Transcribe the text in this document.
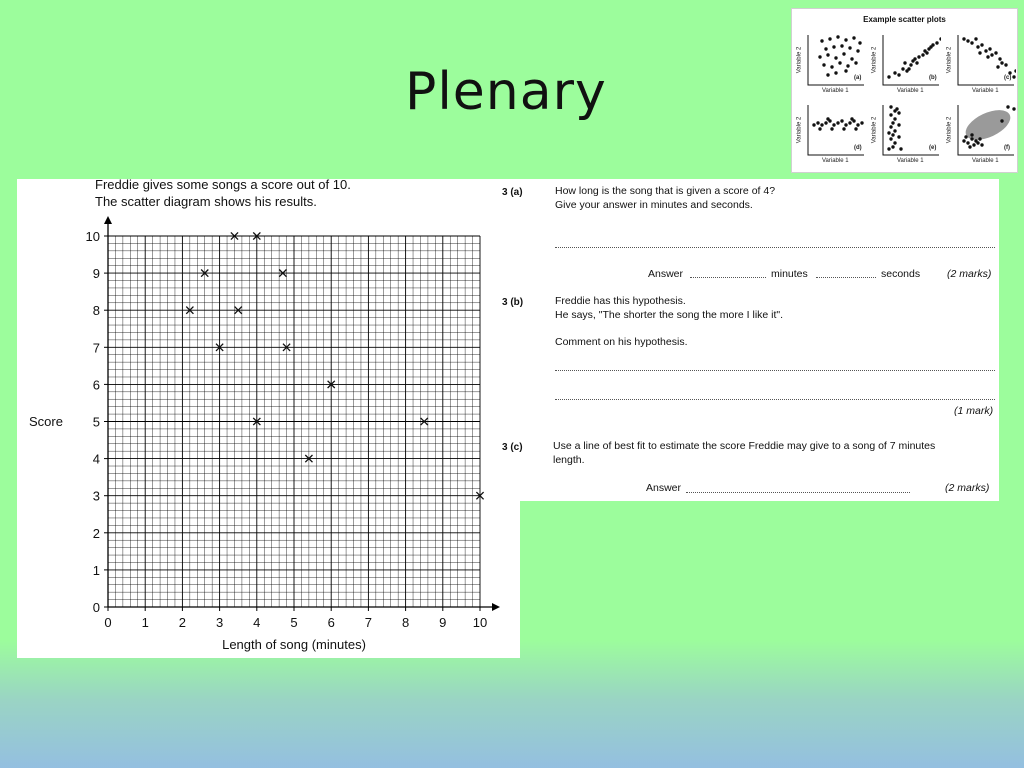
Plenary
Example scatter plots
(a)
Variable 1
Variable 2
(b)
Variable 1
Variable 2
(c)
Variable 1
Variable 2
(d)
Variable 1
Variable 2
(e)
Variable 1
Variable 2
(f)
Variable 1
Variable 2
Freddie gives some songs a score out of 10.
The scatter diagram shows his results.
0 1 2 3 4 5 6 7 8 9 10
0
1
2
3
4
5
6
7
8
9
10
Length of song (minutes)
Score
3 (a)	How long is the song that is given a score of 4?
Give your answer in minutes and seconds.
Answer	minutes	seconds	(2 marks)
3 (b)	Freddie has this hypothesis.
He says, "The shorter the song the more I like it".
Comment on his hypothesis.
(1 mark)
3 (c)	Use a line of best fit to estimate the score Freddie may give to a song of 7 minutes
length.
Answer	(2 marks)
